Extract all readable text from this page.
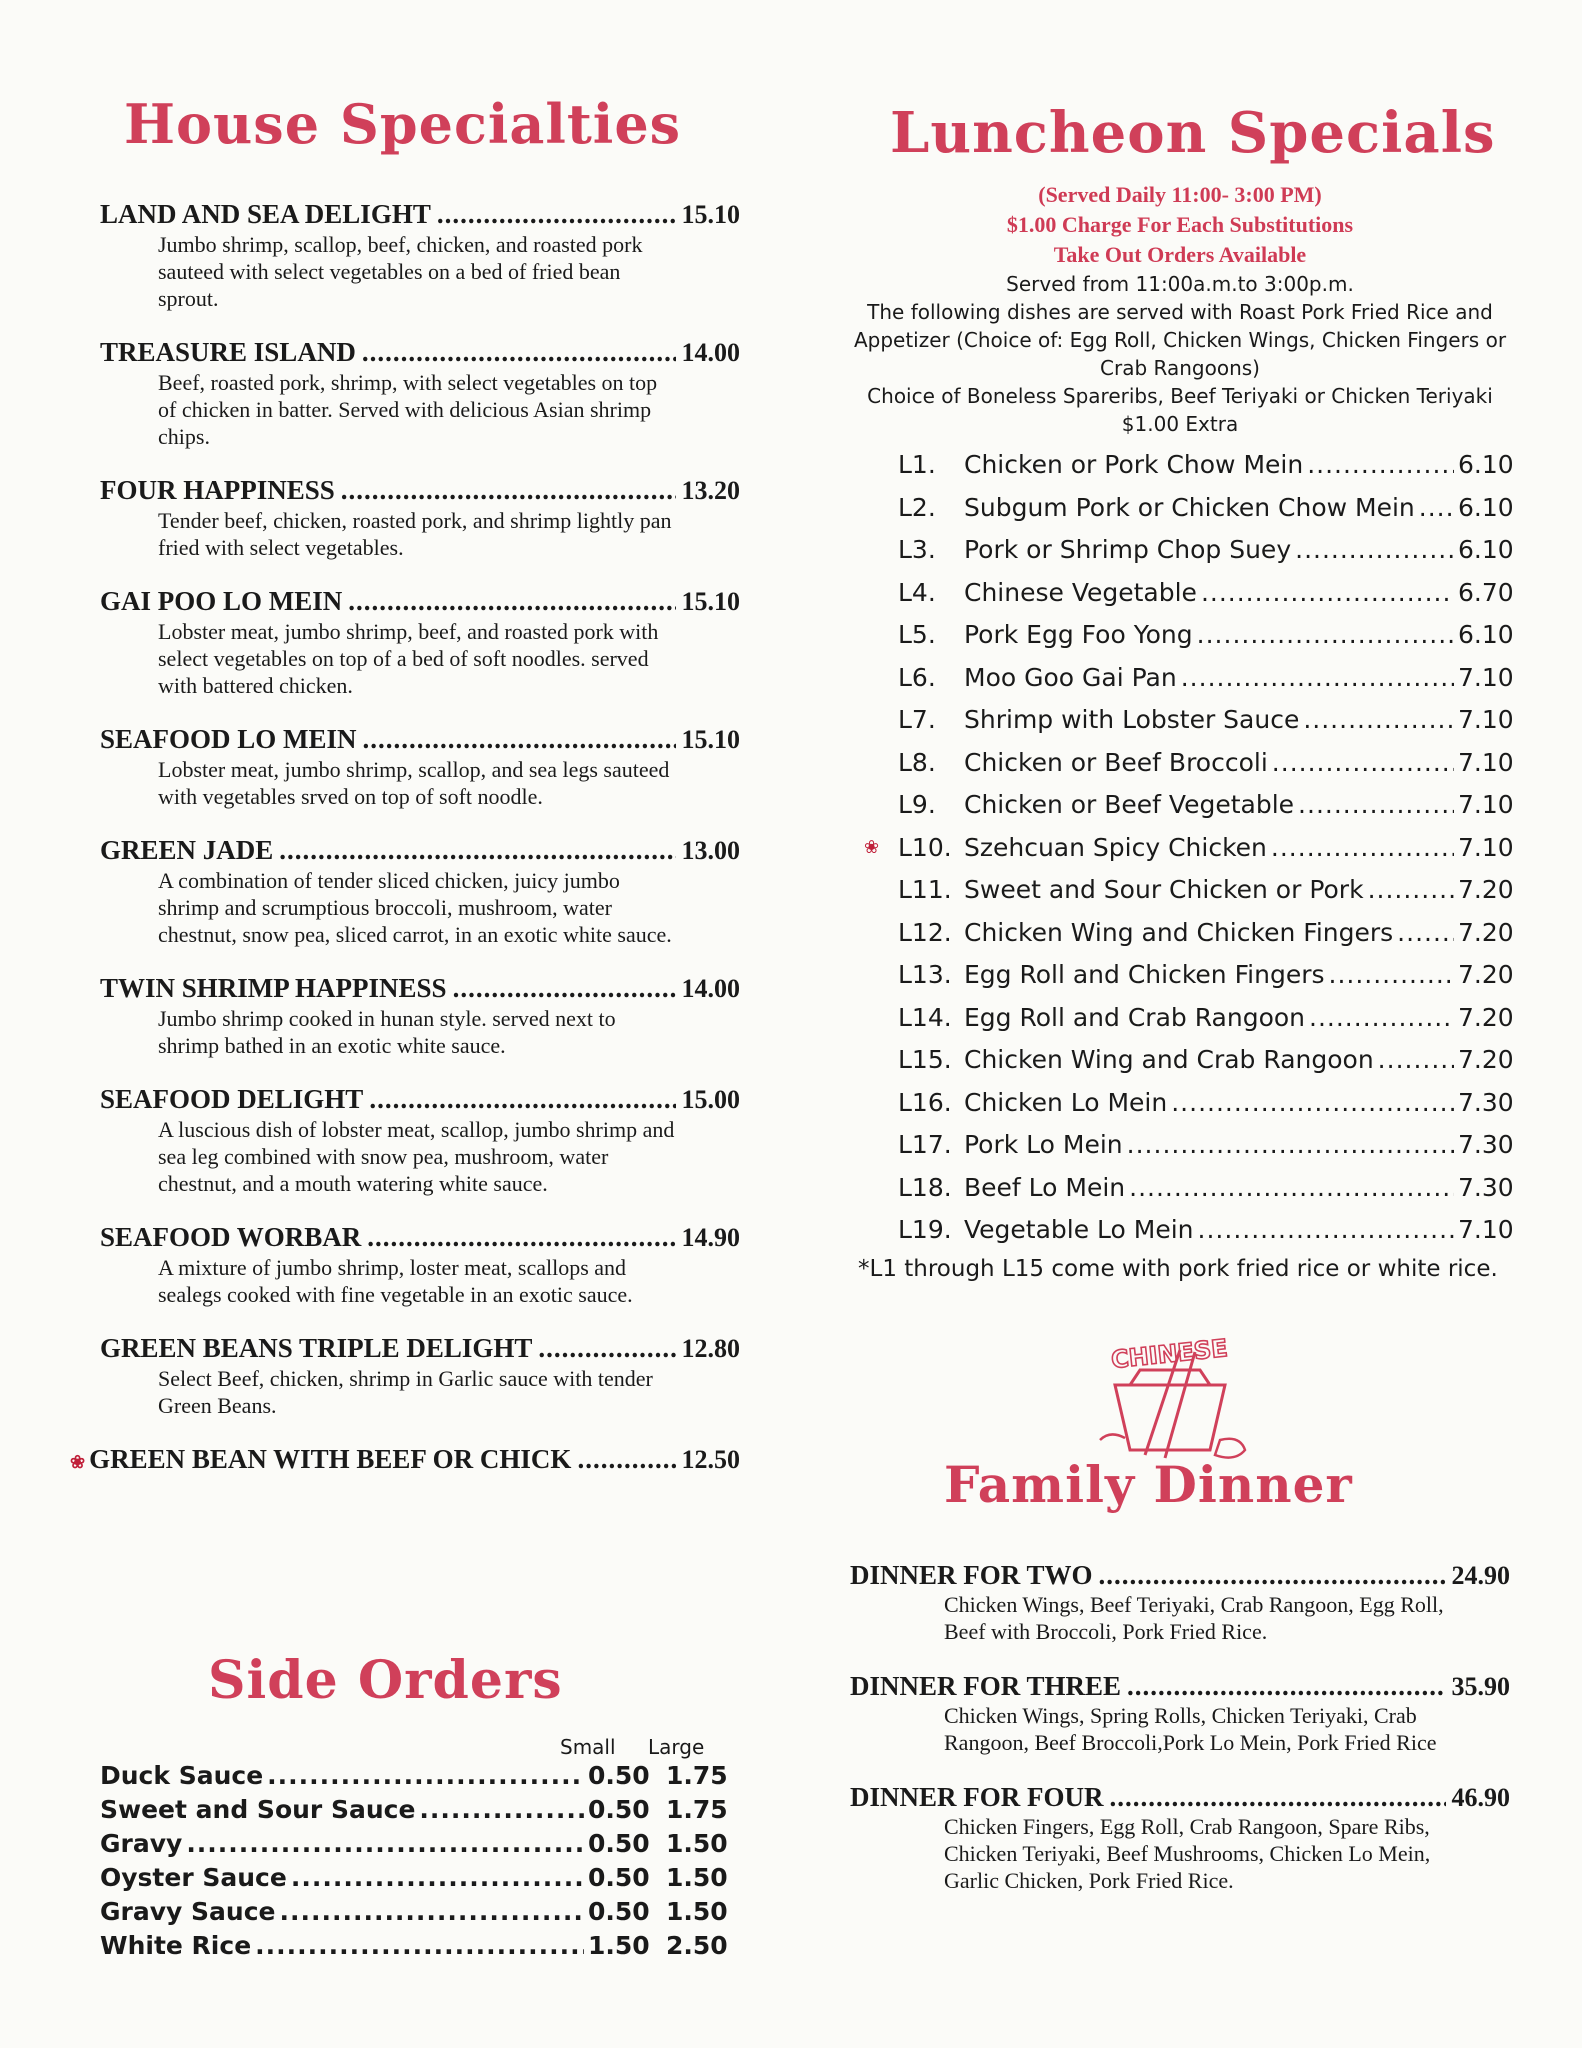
House Specialties
LAND AND SEA DELIGHT .....	15.10
Jumbo shrimp, scallop, beef, chicken, and roasted pork sauteed with select vegetables on a bed of fried bean sprout.
TREASURE ISLAND .....	14.00
Beef, roasted pork, shrimp, with select vegetables on top of chicken in batter. Served with delicious Asian shrimp chips.
FOUR HAPPINESS .....	13.20
Tender beef, chicken, roasted pork, and shrimp lightly pan fried with select vegetables.
GAI POO LO MEIN .....	15.10
Lobster meat, jumbo shrimp, beef, and roasted pork with select vegetables on top of a bed of soft noodles. served with battered chicken.
SEAFOOD LO MEIN .....	15.10
Lobster meat, jumbo shrimp, scallop, and sea legs sauteed with vegetables srved on top of soft noodle.
GREEN JADE .....	13.00
A combination of tender sliced chicken, juicy jumbo shrimp and scrumptious broccoli, mushroom, water chestnut, snow pea, sliced carrot, in an exotic white sauce.
TWIN SHRIMP HAPPINESS .....	14.00
Jumbo shrimp cooked in hunan style. served next to shrimp bathed in an exotic white sauce.
SEAFOOD DELIGHT .....	15.00
A luscious dish of lobster meat, scallop, jumbo shrimp and sea leg combined with snow pea, mushroom, water chestnut, and a mouth watering white sauce.
SEAFOOD WORBAR .....	14.90
A mixture of jumbo shrimp, loster meat, scallops and sealegs cooked with fine vegetable in an exotic sauce.
GREEN BEANS TRIPLE DELIGHT .....	12.80
Select Beef, chicken, shrimp in Garlic sauce with tender Green Beans.
❀ GREEN BEAN WITH BEEF OR CHICK .....	12.50
Side Orders
Small	Large
Duck Sauce .....	0.50 1.75
Sweet and Sour Sauce .....	0.50 1.75
Gravy .....	0.50 1.50
Oyster Sauce .....	0.50 1.50
Gravy Sauce .....	0.50 1.50
White Rice .....	1.50 2.50
Luncheon Specials
(Served Daily 11:00- 3:00 PM)
$1.00 Charge For Each Substitutions
Take Out Orders Available
Served from 11:00a.m.to 3:00p.m.
The following dishes are served with Roast Pork Fried Rice and Appetizer (Choice of: Egg Roll, Chicken Wings, Chicken Fingers or Crab Rangoons)
Choice of Boneless Spareribs, Beef Teriyaki or Chicken Teriyaki $1.00 Extra
L1.	Chicken or Pork Chow Mein .....	6.10
L2.	Subgum Pork or Chicken Chow Mein ..... 6.10
L3.	Pork or Shrimp Chop Suey .....	6.10
L4.	Chinese Vegetable .....	6.70
L5.	Pork Egg Foo Yong .....	6.10
L6.	Moo Goo Gai Pan .....	7.10
L7.	Shrimp with Lobster Sauce .....	7.10
L8.	Chicken or Beef Broccoli .....	7.10
L9.	Chicken or Beef Vegetable .....	7.10
❀ L10. Szehcuan Spicy Chicken .....	7.10
L11. Sweet and Sour Chicken or Pork .....	7.20
L12. Chicken Wing and Chicken Fingers .....	7.20
L13. Egg Roll and Chicken Fingers .....	7.20
L14. Egg Roll and Crab Rangoon .....	7.20
L15. Chicken Wing and Crab Rangoon .....	7.20
L16. Chicken Lo Mein .....	7.30
L17. Pork Lo Mein .....	7.30
L18. Beef Lo Mein .....	7.30
L19. Vegetable Lo Mein .....	7.10
*L1 through L15 come with pork fried rice or white rice.
CHINESE
Family Dinner
DINNER FOR TWO .....	24.90
Chicken Wings, Beef Teriyaki, Crab Rangoon, Egg Roll, Beef with Broccoli, Pork Fried Rice.
DINNER FOR THREE .....	35.90
Chicken Wings, Spring Rolls, Chicken Teriyaki, Crab Rangoon, Beef Broccoli,Pork Lo Mein, Pork Fried Rice
DINNER FOR FOUR .....	46.90
Chicken Fingers, Egg Roll, Crab Rangoon, Spare Ribs, Chicken Teriyaki, Beef Mushrooms, Chicken Lo Mein, Garlic Chicken, Pork Fried Rice.
